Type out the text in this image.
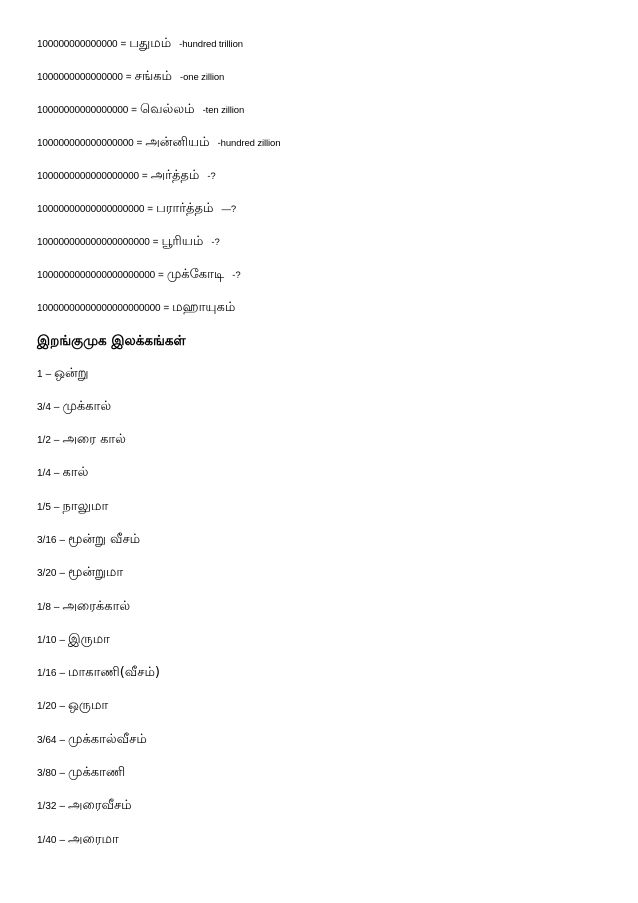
100000000000000 = பதுமம் -hundred trillion
1000000000000000 = சங்கம் -one zillion
10000000000000000 = வெல்லம் -ten zillion
100000000000000000 = அன்னியம் -hundred zillion
1000000000000000000 = அர்த்தம் -?
10000000000000000000 = பரார்த்தம் —?
100000000000000000000 = பூரியம் -?
1000000000000000000000 = முக்கோடி -?
10000000000000000000000 = மஹாயுகம்
இறங்குமுக இலக்கங்கள்
1 – ஒன்று
3/4 – முக்கால்
1/2 – அரை கால்
1/4 – கால்
1/5 – நாலுமா
3/16 – மூன்று வீசம்
3/20 – மூன்றுமா
1/8 – அரைக்கால்
1/10 – இருமா
1/16 – மாகாணி(வீசம்)
1/20 – ஒருமா
3/64 – முக்கால்வீசம்
3/80 – முக்காணி
1/32 – அரைவீசம்
1/40 – அரைமா
